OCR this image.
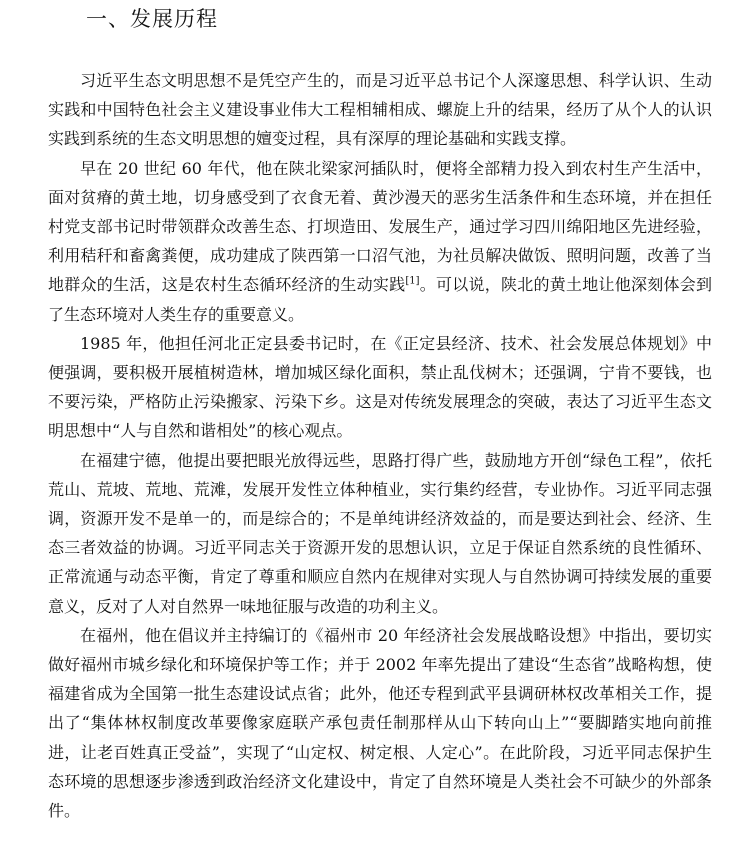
一、发展历程

习近平生态文明思想不是凭空产生的，而是习近平总书记个人深邃思想、科学认识、生动实践和中国特色社会主义建设事业伟大工程相辅相成、螺旋上升的结果，经历了从个人的认识实践到系统的生态文明思想的嬗变过程，具有深厚的理论基础和实践支撑。

早在 20 世纪 60 年代，他在陕北梁家河插队时，便将全部精力投入到农村生产生活中，面对贫瘠的黄土地，切身感受到了衣食无着、黄沙漫天的恶劣生活条件和生态环境，并在担任村党支部书记时带领群众改善生态、打坝造田、发展生产，通过学习四川绵阳地区先进经验，利用秸秆和畜禽粪便，成功建成了陕西第一口沼气池，为社员解决做饭、照明问题，改善了当地群众的生活，这是农村生态循环经济的生动实践[1]。可以说，陕北的黄土地让他深刻体会到了生态环境对人类生存的重要意义。

1985 年，他担任河北正定县委书记时，在《正定县经济、技术、社会发展总体规划》中便强调，要积极开展植树造林，增加城区绿化面积，禁止乱伐树木；还强调，宁肯不要钱，也不要污染，严格防止污染搬家、污染下乡。这是对传统发展理念的突破，表达了习近平生态文明思想中“人与自然和谐相处”的核心观点。

在福建宁德，他提出要把眼光放得远些，思路打得广些，鼓励地方开创“绿色工程”，依托荒山、荒坡、荒地、荒滩，发展开发性立体种植业，实行集约经营，专业协作。习近平同志强调，资源开发不是单一的，而是综合的；不是单纯讲经济效益的，而是要达到社会、经济、生态三者效益的协调。习近平同志关于资源开发的思想认识，立足于保证自然系统的良性循环、正常流通与动态平衡，肯定了尊重和顺应自然内在规律对实现人与自然协调可持续发展的重要意义，反对了人对自然界一味地征服与改造的功利主义。

在福州，他在倡议并主持编订的《福州市 20 年经济社会发展战略设想》中指出，要切实做好福州市城乡绿化和环境保护等工作；并于 2002 年率先提出了建设“生态省”战略构想，使福建省成为全国第一批生态建设试点省；此外，他还专程到武平县调研林权改革相关工作，提出了“集体林权制度改革要像家庭联产承包责任制那样从山下转向山上”“要脚踏实地向前推进，让老百姓真正受益”，实现了“山定权、树定根、人定心”。在此阶段，习近平同志保护生态环境的思想逐步渗透到政治经济文化建设中，肯定了自然环境是人类社会不可缺少的外部条件。
